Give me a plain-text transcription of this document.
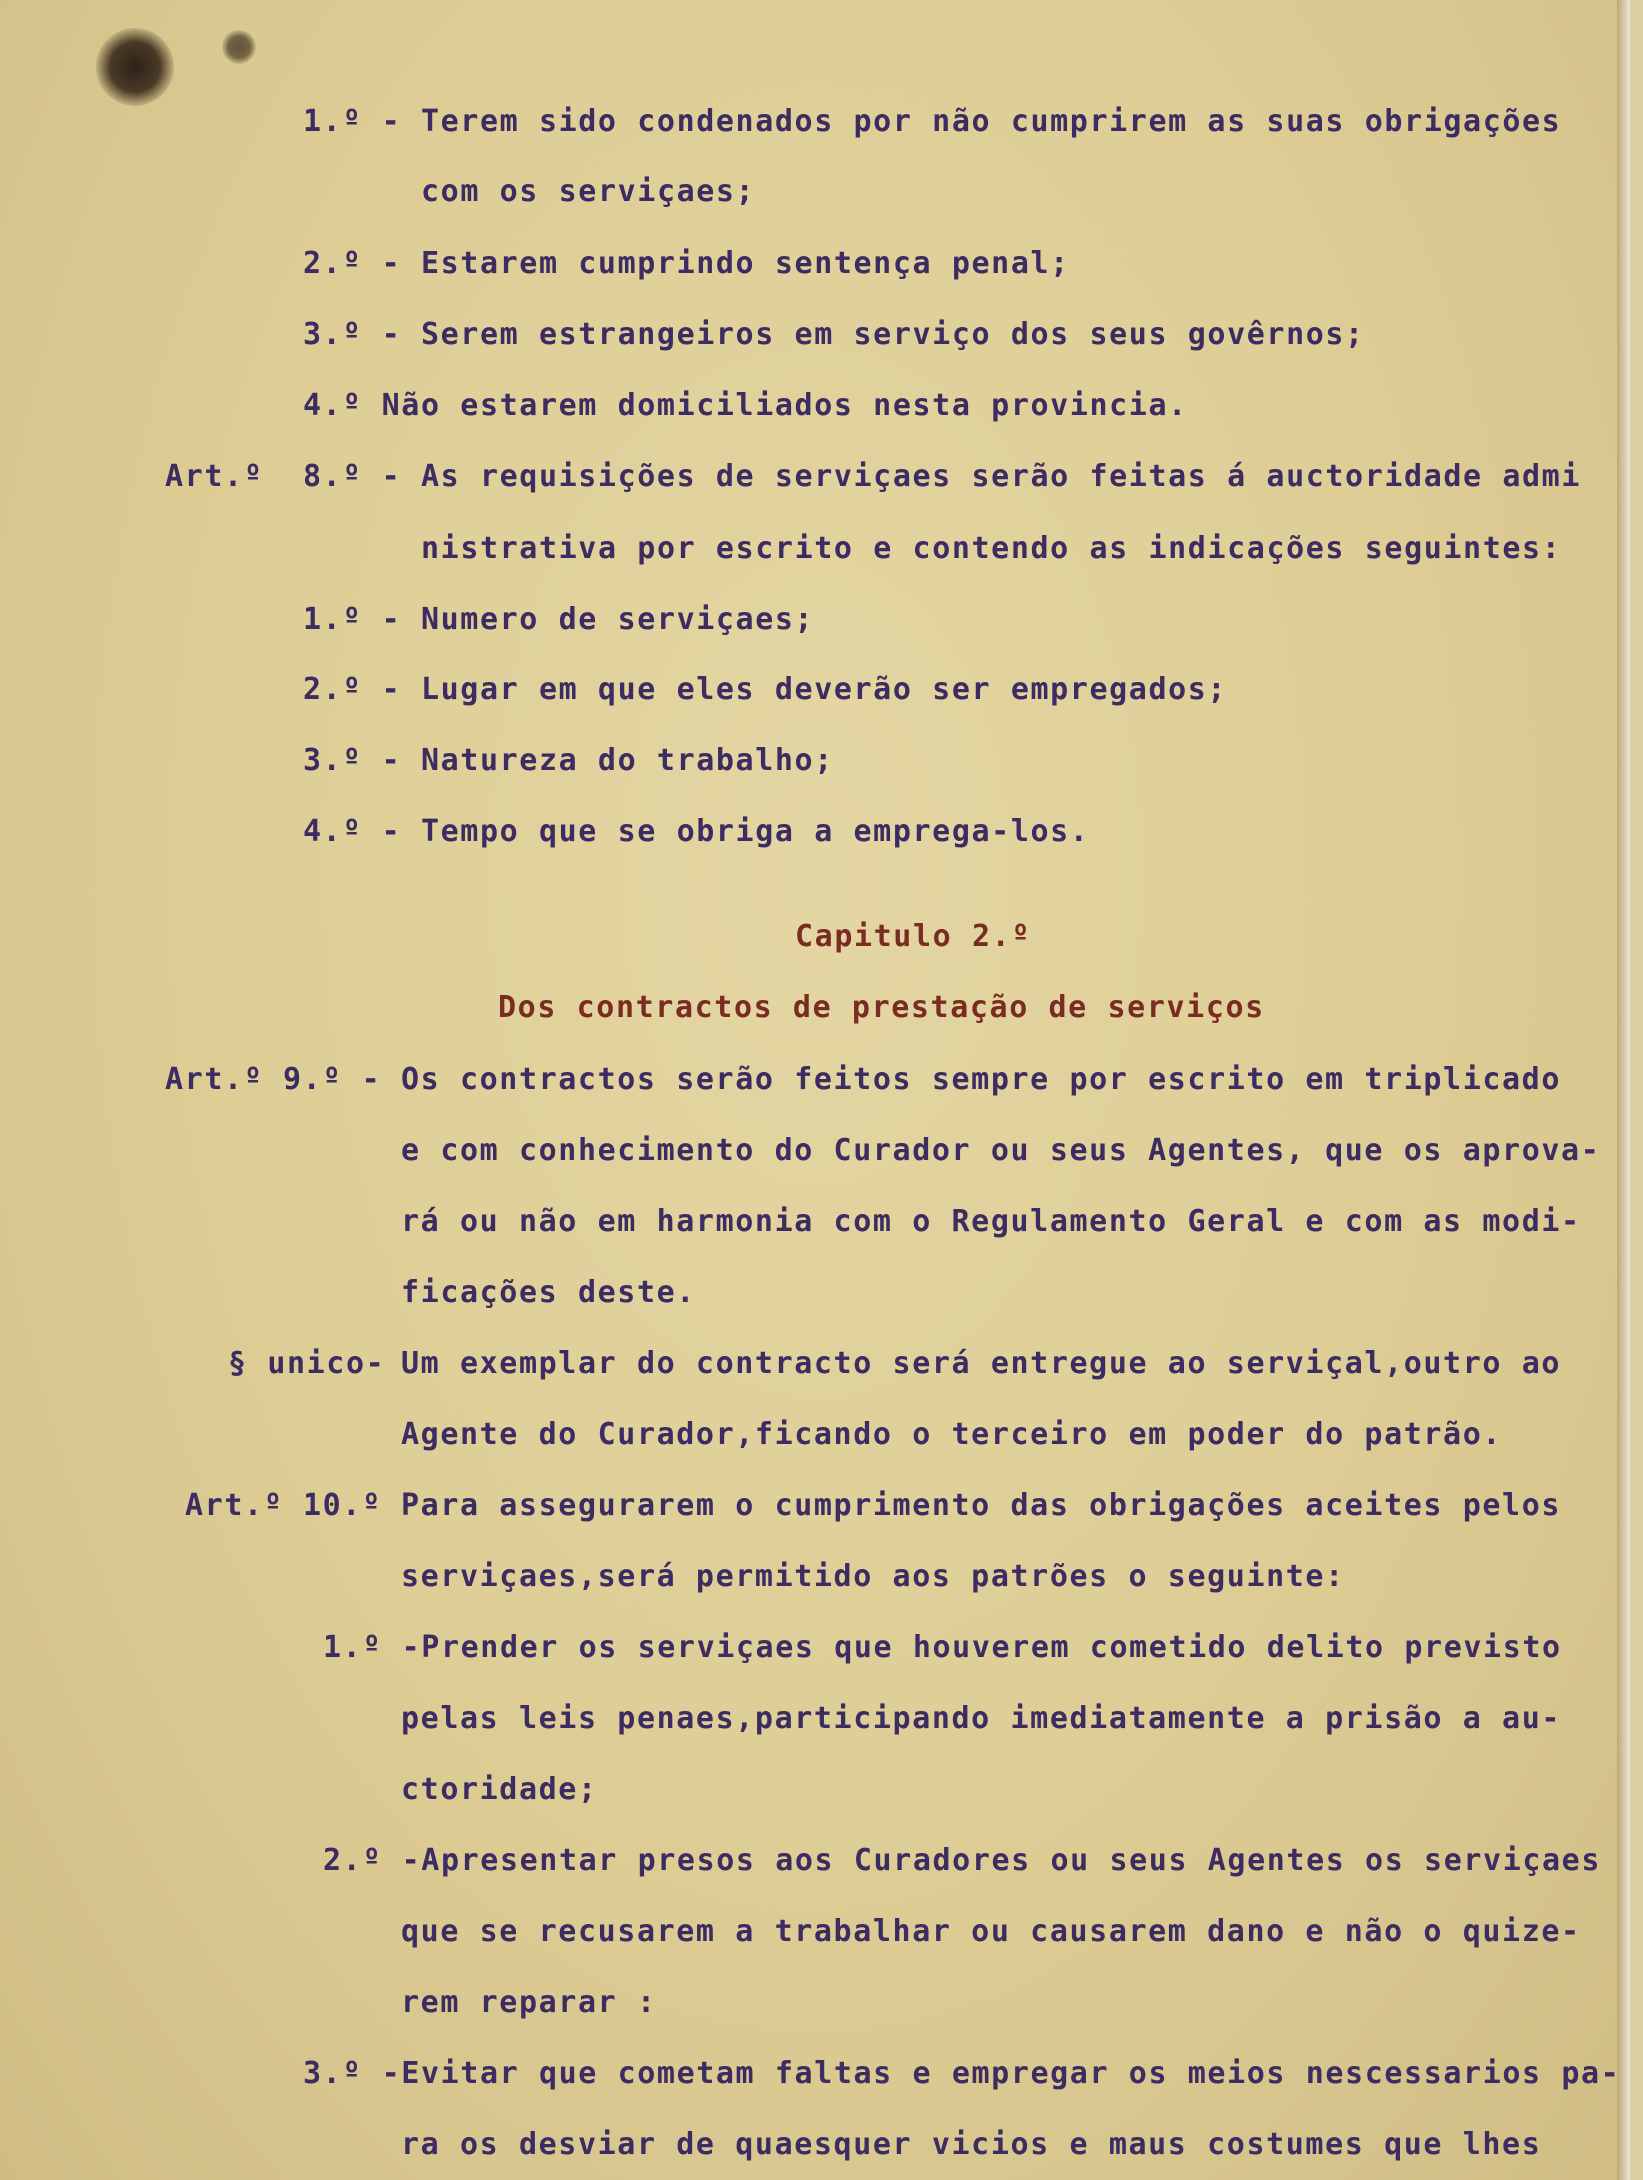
1.º - Terem sido condenados por não cumprirem as suas obrigações
com os serviçaes;
2.º - Estarem cumprindo sentença penal;
3.º - Serem estrangeiros em serviço dos seus govêrnos;
4.º Não estarem domiciliados nesta provincia.
Art.º 8.º - As requisições de serviçaes serão feitas á auctoridade admi
nistrativa por escrito e contendo as indicações seguintes:
1.º - Numero de serviçaes;
2.º - Lugar em que eles deverão ser empregados;
3.º - Natureza do trabalho;
4.º - Tempo que se obriga a emprega-los.
Capitulo 2.º
Dos contractos de prestação de serviços
Art.º 9.º - Os contractos serão feitos sempre por escrito em triplicado
e com conhecimento do Curador ou seus Agentes, que os aprova-
rá ou não em harmonia com o Regulamento Geral e com as modi-
ficações deste.
§ unico- Um exemplar do contracto será entregue ao serviçal,outro ao
Agente do Curador,ficando o terceiro em poder do patrão.
Art.º 10.º Para assegurarem o cumprimento das obrigações aceites pelos
serviçaes,será permitido aos patrões o seguinte:
1.º -Prender os serviçaes que houverem cometido delito previsto
pelas leis penaes,participando imediatamente a prisão a au-
ctoridade;
2.º -Apresentar presos aos Curadores ou seus Agentes os serviçaes
que se recusarem a trabalhar ou causarem dano e não o quize-
rem reparar :
3.º -Evitar que cometam faltas e empregar os meios nescessarios pa-
ra os desviar de quaesquer vicios e maus costumes que lhes
